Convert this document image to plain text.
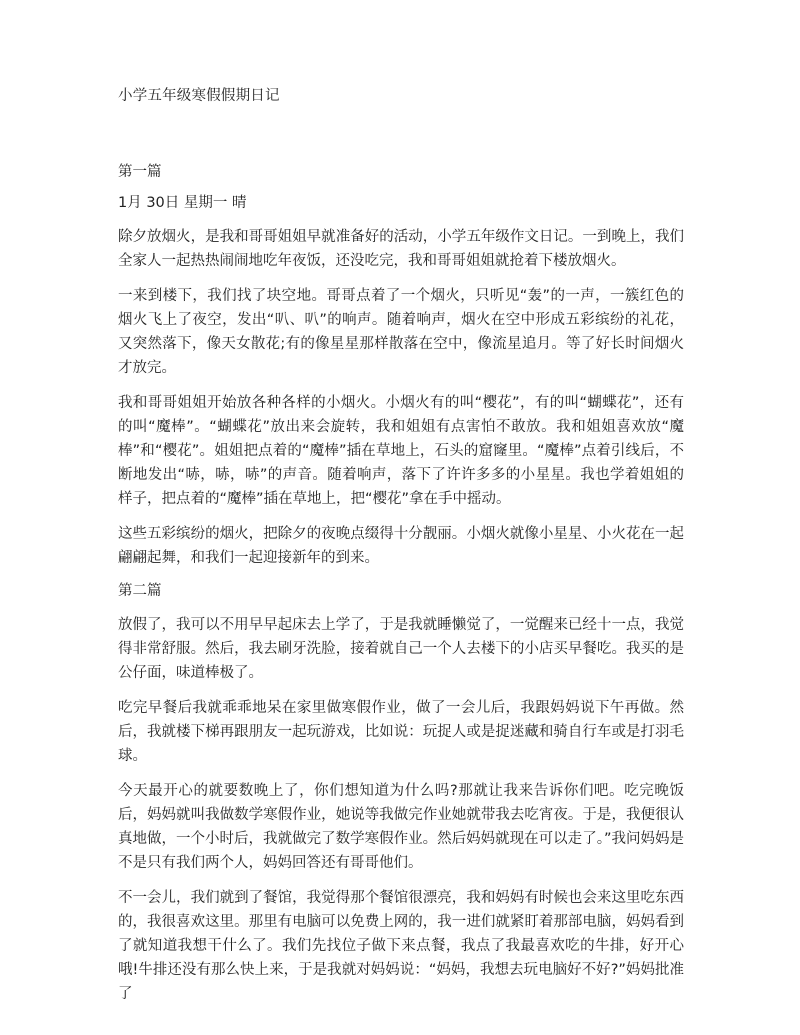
小学五年级寒假假期日记
第一篇
1月 30日 星期一 晴

除夕放烟火，是我和哥哥姐姐早就准备好的活动，小学五年级作文日记。一到晚上，我们全家人一起热热闹闹地吃年夜饭，还没吃完，我和哥哥姐姐就抢着下楼放烟火。

一来到楼下，我们找了块空地。哥哥点着了一个烟火，只听见“轰”的一声，一簇红色的烟火飞上了夜空，发出“叭、叭”的响声。随着响声，烟火在空中形成五彩缤纷的礼花，又突然落下，像天女散花;有的像星星那样散落在空中，像流星追月。等了好长时间烟火才放完。

我和哥哥姐姐开始放各种各样的小烟火。小烟火有的叫“樱花”，有的叫“蝴蝶花”，还有的叫“魔棒”。“蝴蝶花”放出来会旋转，我和姐姐有点害怕不敢放。我和姐姐喜欢放“魔棒”和“樱花”。姐姐把点着的“魔棒”插在草地上，石头的窟窿里。“魔棒”点着引线后，不断地发出“哧，哧，哧”的声音。随着响声，落下了许许多多的小星星。我也学着姐姐的样子，把点着的“魔棒”插在草地上，把“樱花”拿在手中摇动。

这些五彩缤纷的烟火，把除夕的夜晚点缀得十分靓丽。小烟火就像小星星、小火花在一起翩翩起舞，和我们一起迎接新年的到来。

第二篇

放假了，我可以不用早早起床去上学了，于是我就睡懒觉了，一觉醒来已经十一点，我觉得非常舒服。然后，我去刷牙洗脸，接着就自己一个人去楼下的小店买早餐吃。我买的是公仔面，味道棒极了。

吃完早餐后我就乖乖地呆在家里做寒假作业，做了一会儿后，我跟妈妈说下午再做。然后，我就楼下梯再跟朋友一起玩游戏，比如说：玩捉人或是捉迷藏和骑自行车或是打羽毛球。

今天最开心的就要数晚上了，你们想知道为什么吗?那就让我来告诉你们吧。吃完晚饭后，妈妈就叫我做数学寒假作业，她说等我做完作业她就带我去吃宵夜。于是，我便很认真地做，一个小时后，我就做完了数学寒假作业。然后妈妈就现在可以走了。”我问妈妈是不是只有我们两个人，妈妈回答还有哥哥他们。

不一会儿，我们就到了餐馆，我觉得那个餐馆很漂亮，我和妈妈有时候也会来这里吃东西的，我很喜欢这里。那里有电脑可以免费上网的，我一进们就紧盯着那部电脑，妈妈看到了就知道我想干什么了。我们先找位子做下来点餐，我点了我最喜欢吃的牛排，好开心哦!牛排还没有那么快上来，于是我就对妈妈说：“妈妈，我想去玩电脑好不好?”妈妈批准了
